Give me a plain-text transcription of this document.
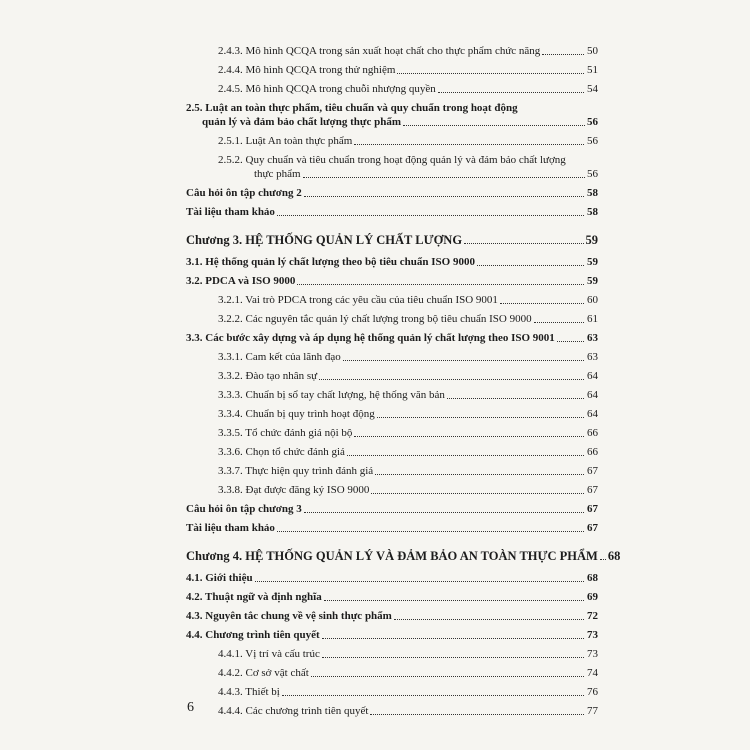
2.4.3. Mô hình QCQA trong sản xuất hoạt chất cho thực phẩm chức năng	50
2.4.4. Mô hình QCQA trong thử nghiệm	51
2.4.5. Mô hình QCQA trong chuỗi nhượng quyền	54
2.5. Luật an toàn thực phẩm, tiêu chuẩn và quy chuẩn trong hoạt động
quản lý và đảm bảo chất lượng thực phẩm	56
2.5.1. Luật An toàn thực phẩm	56
2.5.2. Quy chuẩn và tiêu chuẩn trong hoạt động quản lý và đảm bảo chất lượng
thực phẩm	56
Câu hỏi ôn tập chương 2	58
Tài liệu tham khảo	58
Chương 3. HỆ THỐNG QUẢN LÝ CHẤT LƯỢNG	59
3.1. Hệ thống quản lý chất lượng theo bộ tiêu chuẩn ISO 9000	59
3.2. PDCA và ISO 9000	59
3.2.1. Vai trò PDCA trong các yêu cầu của tiêu chuẩn ISO 9001	60
3.2.2. Các nguyên tắc quản lý chất lượng trong bộ tiêu chuẩn ISO 9000	61
3.3. Các bước xây dựng và áp dụng hệ thống quản lý chất lượng theo ISO 9001	63
3.3.1. Cam kết của lãnh đạo	63
3.3.2. Đào tạo nhân sự	64
3.3.3. Chuẩn bị sổ tay chất lượng, hệ thống văn bản	64
3.3.4. Chuẩn bị quy trình hoạt động	64
3.3.5. Tổ chức đánh giá nội bộ	66
3.3.6. Chọn tổ chức đánh giá	66
3.3.7. Thực hiện quy trình đánh giá	67
3.3.8. Đạt được đăng ký ISO 9000	67
Câu hỏi ôn tập chương 3	67
Tài liệu tham khảo	67
Chương 4. HỆ THỐNG QUẢN LÝ VÀ ĐẢM BẢO AN TOÀN THỰC PHẨM 68
4.1. Giới thiệu	68
4.2. Thuật ngữ và định nghĩa	69
4.3. Nguyên tắc chung về vệ sinh thực phẩm	72
4.4. Chương trình tiên quyết	73
4.4.1. Vị trí và cấu trúc	73
4.4.2. Cơ sở vật chất	74
4.4.3. Thiết bị	76
4.4.4. Các chương trình tiên quyết	77
6
